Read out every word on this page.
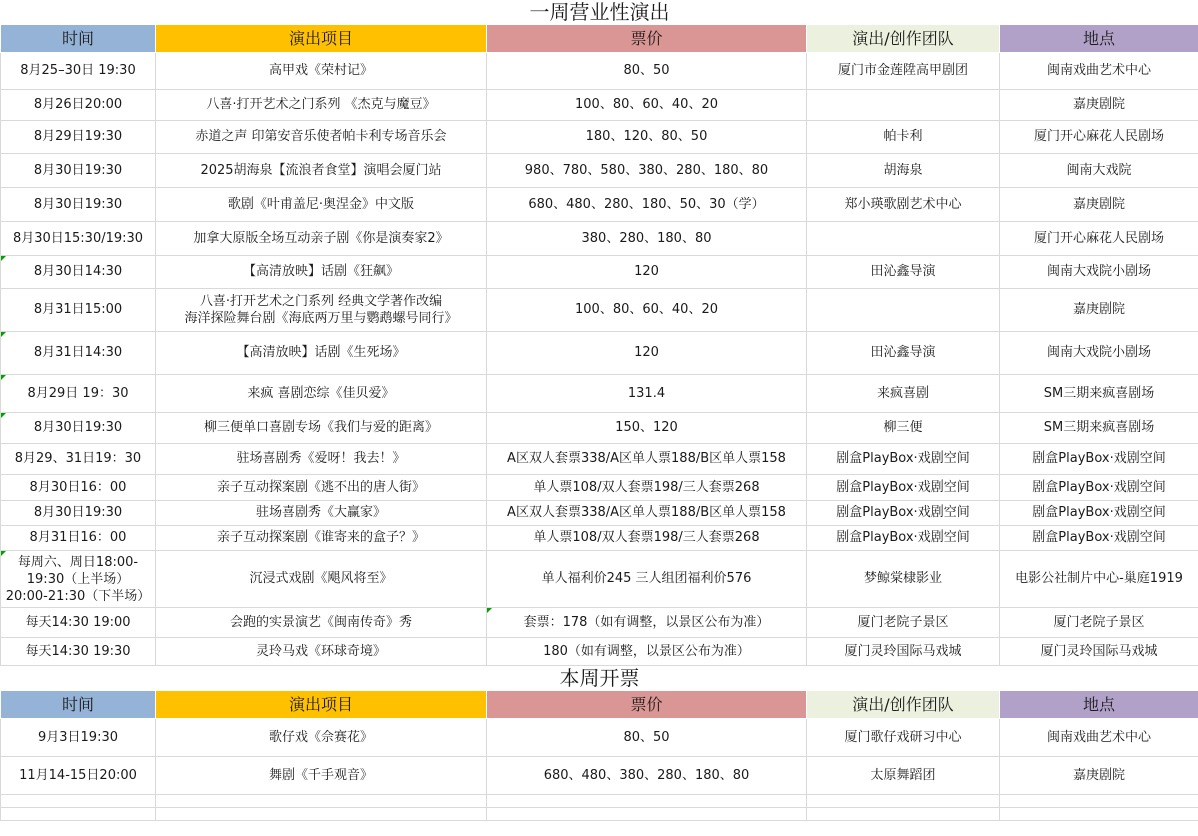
一周营业性演出				
时间	演出项目	票价	演出/创作团队	地点
8月25–30日 19:30	高甲戏《荣村记》	80、50	厦门市金莲陞高甲剧团	闽南戏曲艺术中心
8月26日20:00	八喜·打开艺术之门系列 《杰克与魔豆》	100、80、60、40、20		嘉庚剧院
8月29日19:30	赤道之声 印第安音乐使者帕卡利专场音乐会	180、120、80、50	帕卡利	厦门开心麻花人民剧场
8月30日19:30	2025胡海泉【流浪者食堂】演唱会厦门站	980、780、580、380、280、180、80	胡海泉	闽南大戏院
8月30日19:30	歌剧《叶甫盖尼·奥涅金》中文版	680、480、280、180、50、30（学）	郑小瑛歌剧艺术中心	嘉庚剧院
8月30日15:30/19:30	加拿大原版全场互动亲子剧《你是演奏家2》	380、280、180、80		厦门开心麻花人民剧场
8月30日14:30	【高清放映】话剧《狂飙》	120	田沁鑫导演	闽南大戏院小剧场
8月31日15:00	八喜·打开艺术之门系列 经典文学著作改编
海洋探险舞台剧《海底两万里与鹦鹉螺号同行》	100、80、60、40、20		嘉庚剧院
8月31日14:30	【高清放映】话剧《生死场》	120	田沁鑫导演	闽南大戏院小剧场
8月29日 19：30	来疯 喜剧恋综《佳贝爱》	131.4	来疯喜剧	SM三期来疯喜剧场
8月30日19:30	柳三便单口喜剧专场《我们与爱的距离》	150、120	柳三便	SM三期来疯喜剧场
8月29、31日19：30	驻场喜剧秀《爱呀！我去！》	A区双人套票338/A区单人票188/B区单人票158	剧盒PlayBox·戏剧空间	剧盒PlayBox·戏剧空间
8月30日16：00	亲子互动探案剧《逃不出的唐人街》	单人票108/双人套票198/三人套票268	剧盒PlayBox·戏剧空间	剧盒PlayBox·戏剧空间
8月30日19:30	驻场喜剧秀《大赢家》	A区双人套票338/A区单人票188/B区单人票158	剧盒PlayBox·戏剧空间	剧盒PlayBox·戏剧空间
8月31日16：00	亲子互动探案剧《谁寄来的盒子？》	单人票108/双人套票198/三人套票268	剧盒PlayBox·戏剧空间	剧盒PlayBox·戏剧空间
每周六、周日18:00-
19:30（上半场）
20:00-21:30（下半场）	沉浸式戏剧《飓风将至》	单人福利价245 三人组团福利价576	梦鲸棠棣影业	电影公社制片中心-巢庭1919
每天14:30 19:00	会跑的实景演艺《闽南传奇》秀	套票：178（如有调整，以景区公布为准）	厦门老院子景区	厦门老院子景区
每天14:30 19:30	灵玲马戏《环球奇境》	180（如有调整，以景区公布为准）	厦门灵玲国际马戏城	厦门灵玲国际马戏城
本周开票				
时间	演出项目	票价	演出/创作团队	地点
9月3日19:30	歌仔戏《佘赛花》	80、50	厦门歌仔戏研习中心	闽南戏曲艺术中心
11月14-15日20:00	舞剧《千手观音》	680、480、380、280、180、80	太原舞蹈团	嘉庚剧院
